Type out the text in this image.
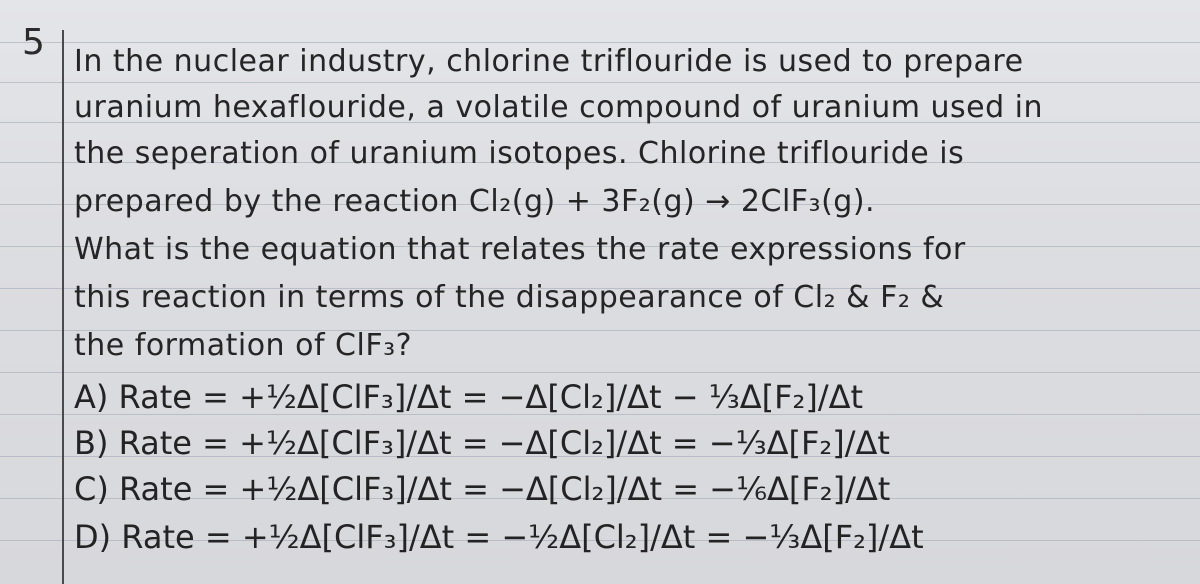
5 In the nuclear industry, chlorine triflouride is used to prepare
uranium hexaflouride, a volatile compound of uranium used in
the seperation of uranium isotopes. Chlorine triflouride is
prepared by the reaction Cl₂(g) + 3F₂(g) → 2ClF₃(g).
What is the equation that relates the rate expressions for
this reaction in terms of the disappearance of Cl₂ & F₂ &
the formation of ClF₃?
A) Rate = +½Δ[ClF₃]/Δt = −Δ[Cl₂]/Δt − ⅓Δ[F₂]/Δt
B) Rate = +½Δ[ClF₃]/Δt = −Δ[Cl₂]/Δt = −⅓Δ[F₂]/Δt
C) Rate = +½Δ[ClF₃]/Δt = −Δ[Cl₂]/Δt = −⅙Δ[F₂]/Δt
D) Rate = +½Δ[ClF₃]/Δt = −½Δ[Cl₂]/Δt = −⅓Δ[F₂]/Δt
